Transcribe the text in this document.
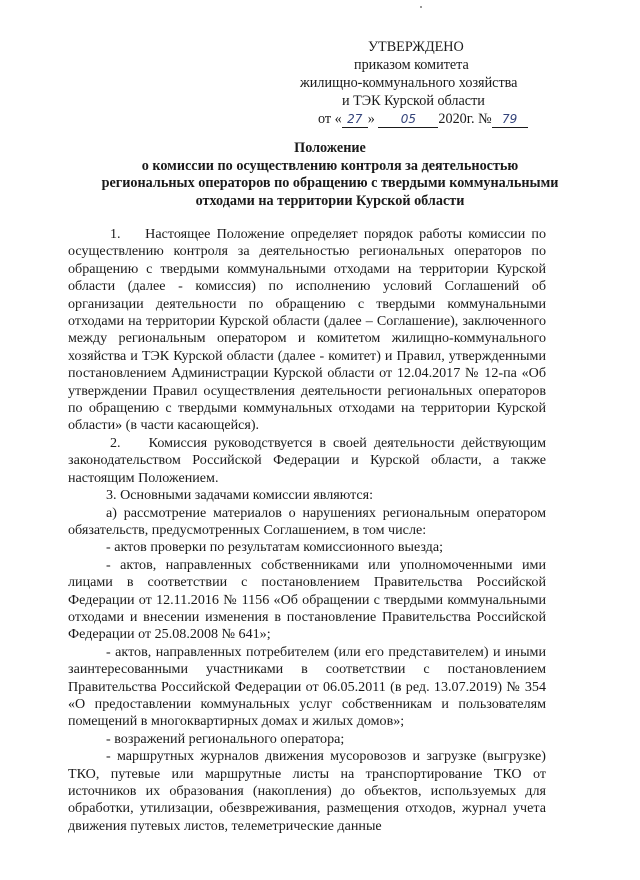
УТВЕРЖДЕНО
приказом комитета
жилищно-коммунального хозяйства
и ТЭК Курской области
от « 27 » 05 2020г. № 79
Положение
о комиссии по осуществлению контроля за деятельностью
региональных операторов по обращению с твердыми коммунальными
отходами на территории Курской области

1.    Настоящее Положение определяет порядок работы комиссии по осуществлению контроля за деятельностью региональных операторов по обращению с твердыми коммунальными отходами на территории Курской области (далее - комиссия) по исполнению условий Соглашений об организации деятельности по обращению с твердыми коммунальными отходами на территории Курской области (далее – Соглашение), заключенного между региональным оператором и комитетом жилищно-коммунального хозяйства и ТЭК Курской области (далее - комитет) и Правил, утвержденными постановлением Администрации Курской области от 12.04.2017 № 12-па «Об утверждении Правил осуществления деятельности региональных операторов по обращению с твердыми коммунальных отходами на территории Курской области» (в части касающейся).

2.    Комиссия руководствуется в своей деятельности действующим законодательством Российской Федерации и Курской области, а также настоящим Положением.

3. Основными задачами комиссии являются:

а) рассмотрение материалов о нарушениях региональным оператором обязательств, предусмотренных Соглашением, в том числе:

- актов проверки по результатам комиссионного выезда;

- актов, направленных собственниками или уполномоченными ими лицами в соответствии с постановлением Правительства Российской Федерации от 12.11.2016 № 1156 «Об обращении с твердыми коммунальными отходами и внесении изменения в постановление Правительства Российской Федерации от 25.08.2008 № 641»;

- актов, направленных потребителем (или его представителем) и иными заинтересованными участниками в соответствии с постановлением Правительства Российской Федерации от 06.05.2011 (в ред. 13.07.2019) № 354 «О предоставлении коммунальных услуг собственникам и пользователям помещений в многоквартирных домах и жилых домов»;

- возражений регионального оператора;

- маршрутных журналов движения мусоровозов и загрузке (выгрузке) ТКО, путевые или маршрутные листы на транспортирование ТКО от источников их образования (накопления) до объектов, используемых для обработки, утилизации, обезвреживания, размещения отходов, журнал учета движения путевых листов, телеметрические данные
